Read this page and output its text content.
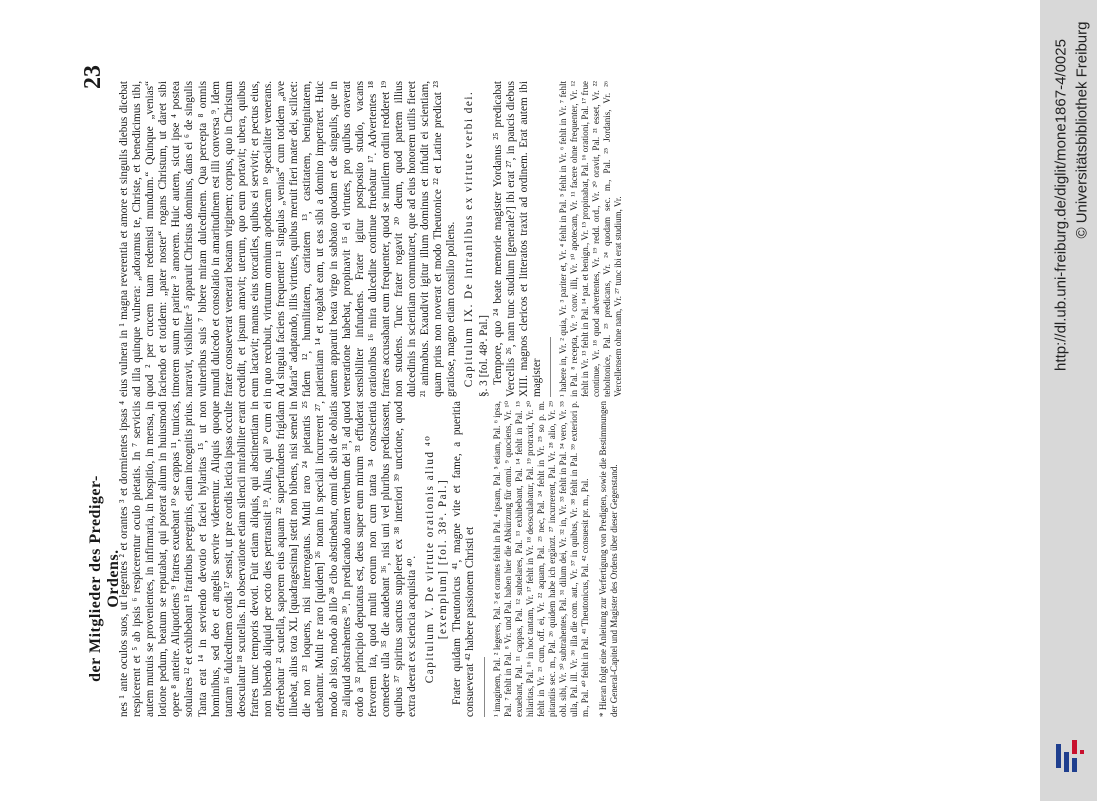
der Mitglieder des Prediger-Ordens.
23

nes ¹ ante oculos suos, ut legentes ² et orantes ³ et dormientes ipsas ⁴ respicerent et ⁵ ab ipsis ⁶ respicerentur oculo pietatis. In ⁷ serviciis autem mutuis se provenientes, in infirmaria, in hospitio, in mensa, in lotione pedum, beatum se reputabat, qui poterat alium in huiusmodi opere ⁸ anteire. Aliquotiens ⁹ fratres exuebant ¹⁰ se cappas ¹¹, tunicas, sotulares ¹² et exhibebant ¹³ fratribus peregrinis, etiam incognitis prius. Tanta erat ¹⁴ in serviendo devotio et faciei hylaritas ¹⁵, ut non hominibus, sed deo et angelis servire viderentur. Aliquis quoque tantam ¹⁶ dulcedinem cordis ¹⁷ sensit, ut pre cordis leticia ipsas occulte deosculatur ¹⁸ scutellas. In observatione etiam silencii mirabiliter erant fratres tunc temporis devoti. Fuit etiam aliquis, qui abstinentiam in non bibendo aliquid per octo dies pertransiit ¹⁹. Alius, qui ²⁰ cum ei offerebatur ²¹ scutella, saporem eius aquam ²² superfundens frigidam illuebat, alius tota XL [quadragesima] stetit non bibens, nisi semel in die non ²³ loquens, nisi interrogatus. Multi raro ²⁴ pietantis ²⁵ utebantur. Multi ne raro [quidem] ²⁶ notam in speciali incurrerent ²⁷, modo ab isto, modo ab illo ²⁸ cibo abstinebant, omni die sibi de oblatis ²⁹ aliquid abstrahentes ³⁰. In predicando autem verbum dei ³¹, ad quod ordo a ³² principio deputatus est, deus super eum mirum ³³ effuderat fervorem ita, quod multi eorum non cum tanta ³⁴ conscientia comedere ulla ³⁵ die audebant ³⁶, nisi uni vel pluribus predicassent, quibus ³⁷ spiritus sanctus suppleret ex ³⁸ interiori ³⁹ unctione, quod extra deerat ex sciencia acquisita ⁴⁰. Capitulum V. De virtute orationis aliud ⁴⁰ [exemplum] [fol. 38ᵃ. Pal.] Frater quidam Theutonicus ⁴¹, magne vite et fame, a pueritia consueverat ⁴² habere passionem Christi et ¹ imaginem, Pal. ² legeres, Pal. ³ et orantes fehlt in Pal. ⁴ ipsam, Pal. ⁵ etiam, Pal. ⁶ ipsa, Pal. ⁷ fehlt in Pal. ⁸ Vr. und Pal. haben hier die Abkürzung für omni. ⁹ quociens, Vr. ¹⁰ exuebant, Pal. ¹¹ cappas, Pal. ¹² subtelares, Pal. ¹³ exhibebant, Pal. ¹⁴ fehlt in Pal. ¹⁵ hilaritas, Pal. ¹⁶ in hoc tantam, Vr. ¹⁷ fehlt in Vr. ¹⁸ deosculabatur, Pal. ¹⁹ protraxit, Vr. ²⁰ fehlt in Vr. ²¹ cum, off. ei, Vr. ²² aquam, Pal. ²³ nec, Pal. ²⁴ fehlt in Vr. ²⁵ so p. m. pitantiis sec. m., Pal. ²⁶ quidem habe ich ergänzt. ²⁷ incurrerent, Pal. Vr. ²⁸ alio, Vr. ²⁹ obl. sibi, Vr. ³⁰ subtrahentes, Pal. ³¹ dilum dei, Vr. ³² in, Vr. ³³ fehlt in Pal. ³⁴ vero, Vr. ³⁵ ulla, Pal. ill. Vr. ³⁶ illa die com. aut., Vr. ³⁷ in quibus, Vr. ³⁸ fehlt in Pal. ³⁹ exteriori p. m., Pal. ⁴⁰ fehlt in Pal. ⁴¹ Theutonicus, Pal. ⁴² consuesit pr. m., Pal. * Hieran folgt eine Anleitung zur Verfertigung von Predigten, sowie die Bestimmungen der General-Capitel und Magister des Ordens über dieser Gegenstand.

eius vulnera in ¹ magna reverentia et amore et singulis diebus dicebat ad illa quinque vulnera: „adoramus te, Christe, et benedicimus tibi, quod ² per crucem tuam redemisti mundum.“ Quinque „venias“ faciendo et totidem: „pater noster“ rogans Christum, ut daret sibi timorem suum et pariter ³ amorem. Huic autem, sicut ipse ⁴ postea narravit, visibiliter ⁵ apparuit Christus dominus, dans ei ⁶ de singulis vulneribus suis ⁷ bibere miram dulcedinem. Qua percepta ⁸ omnis mundi dulcedo et consolatio in amaritudinem est illi conversa ⁹. Idem frater consueverat venerari beatam virginem; corpus, quo in Christum credidit, et ipsum amavit; uterum, quo eum portavit; ubera, quibus eum lactavit; manus eius torcatiles, quibus ei servivit; et pectus eius, in quo recubuit, virtutum omnium apothecam ¹⁰ specialiter venerans. Ad singula faciens frequenter ¹¹ singulas „venias“ cum totidem „ave Maria“ adaptando, illis virtutes, quibus meruit fieri mater dei, scilicet: fidem ¹², humilitatem, caritatem ¹³, castitatem, benignitatem, patientiam ¹⁴ et rogabat eam, ut eas sibi a domino impetraret. Huic autem apparuit beata virgo in sabbato quodam et de singulis, que in veneratione habebat, propinavit ¹⁵ ei virtutes, pro quibus oraverat sensibiliter infundens. Frater igitur postposito studio, vacans orationibus ¹⁶ mira dulcedine continue fruebatur ¹⁷. Advertentes ¹⁸ fratres accusabant eum frequenter, quod se inutilem ordini redderet ¹⁹ non studens. Tunc frater rogavit ²⁰ deum, quod partem illius dulcedinis in scientiam commutaret, que ad eius honorem utilis fieret ²¹ animabus. Exaudivit igitur illum dominus et infudit ei scientiam, quam prius non noverat et modo Theutonice ²² et Latine predicat ²³ gratiose, magno etiam consilio pollens. Capitulum IX. De intranlibus ex virtute verbi dei. §. 3 [fol. 48ᵃ. Pal.] Tempore, quo ²⁴ beate memorie magister Yordanus ²⁵ predicabat Vercellis ²⁶, nam tunc studium [generale?] ibi erat ²⁷, in paucis diebus XIII. magnos clericos et litteratos traxit ad ordinem. Erat autem ibi magister ¹ habere in, Vr. ² quia, Vr. ³ pariter et, Vr. ⁴ fehlt in Pal. ⁵ fehlt in Vr. ⁶ fehlt in Vr. ⁷ fehlt in Pal. ⁸ recepta, Vr. ⁹ conv. illi, Vr. ¹⁰ apotecam, Vr. ¹¹ facere ohne frequenter, Vr. ¹² fehlt in Vr. ¹³ fehlt in Pal. ¹⁴ pat. et benign., Vr. ¹⁵ propinabat, Pal. ¹⁶ orationi, Pal. ¹⁷ frue continue, Vr. ¹⁸ quod advertentes, Vr. ¹⁹ redd. ord., Vr. ²⁰ oravit, Pal. ²¹ esset, Vr. ²² teholtonice, Pal. ²³ predicans, Vr. ²⁴ quodam sec. m., Pal. ²⁵ Jordanis, Vr. ²⁶ Vercellensem ohne nam, Vr. ²⁷ tunc ibi erat studium, Vr.	http://dl.ub.uni-freiburg.de/diglit/mone1867-4/0025 © Universitätsbibliothek Freiburg
